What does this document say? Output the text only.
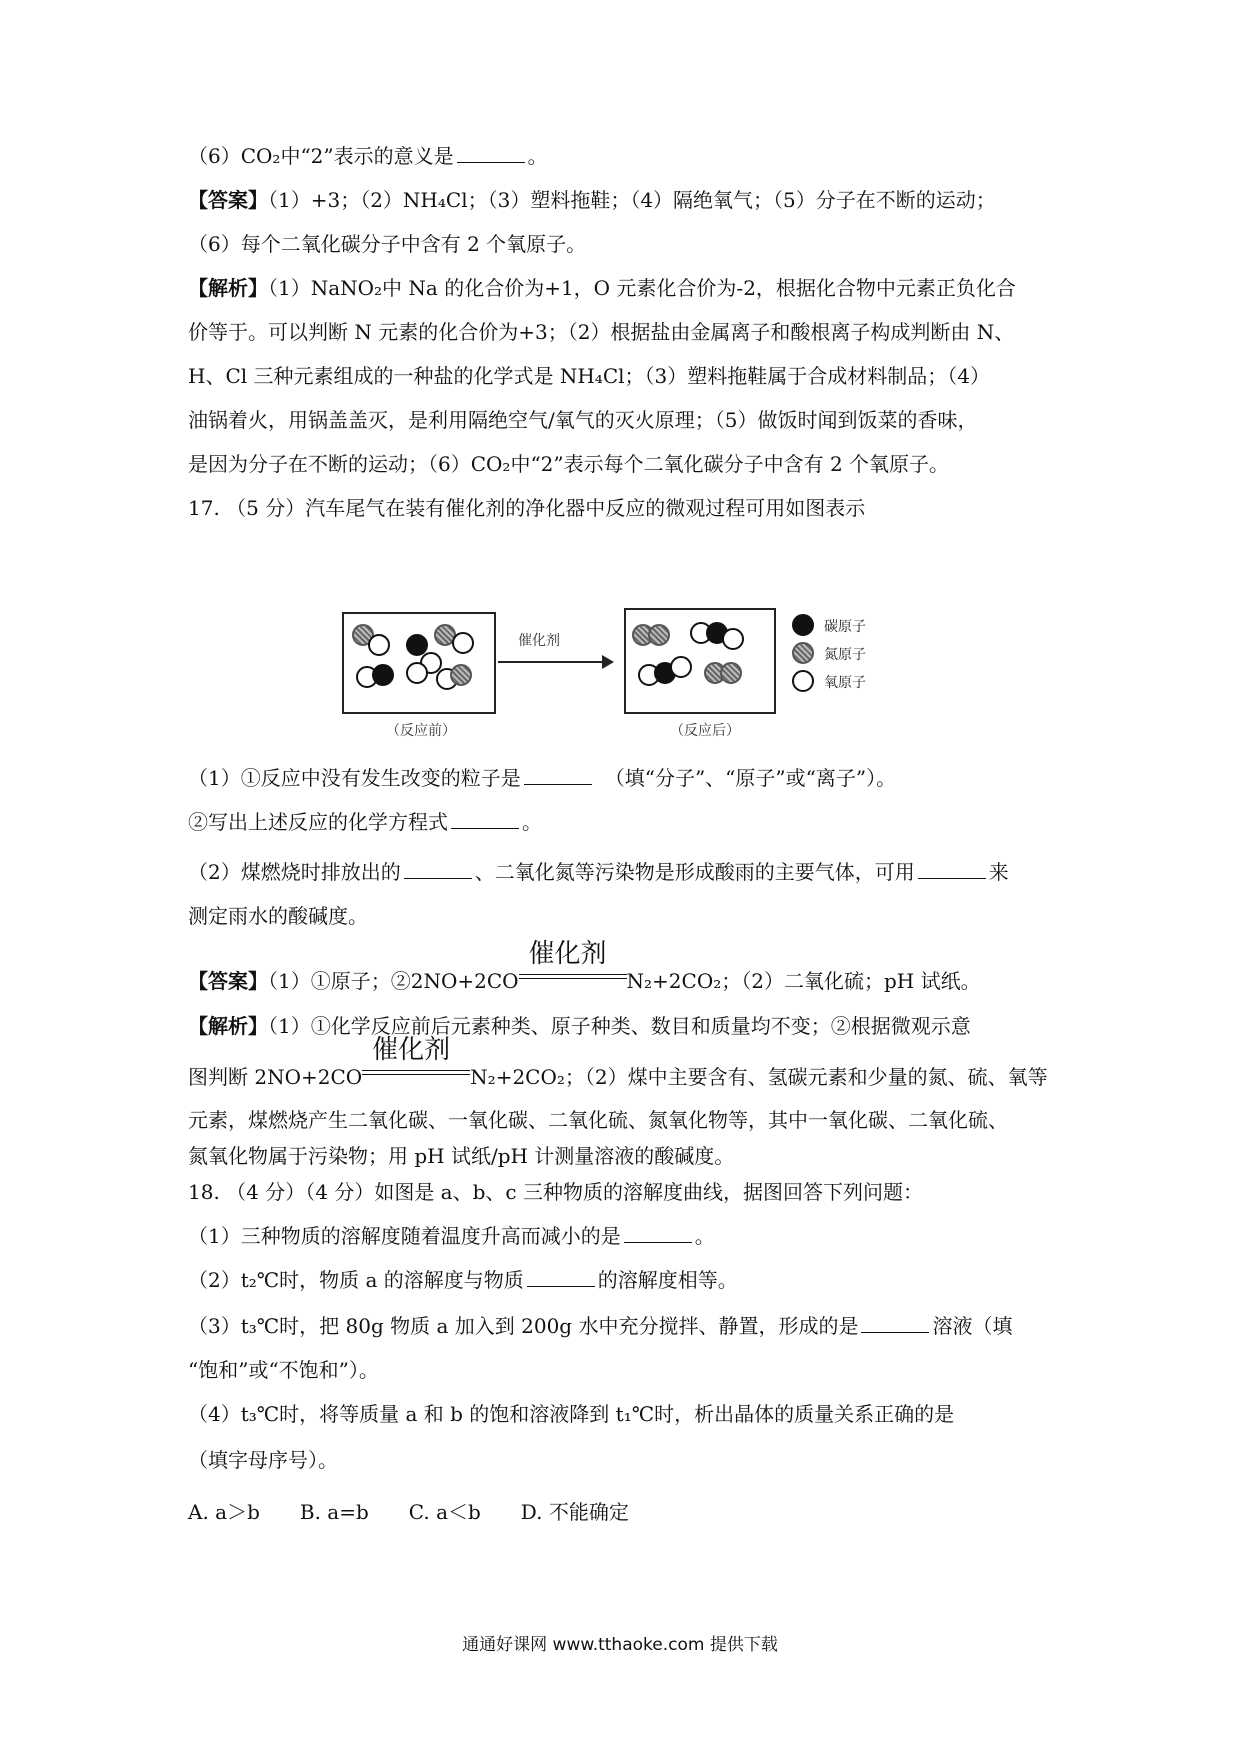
（6）CO₂中“2”表示的意义是	。
【答案】（1）+3；（2）NH₄Cl；（3）塑料拖鞋；（4）隔绝氧气；（5）分子在不断的运动；
（6）每个二氧化碳分子中含有 2 个氧原子。
【解析】（1）NaNO₂中 Na 的化合价为+1，O 元素化合价为-2，根据化合物中元素正负化合
价等于。可以判断 N 元素的化合价为+3；（2）根据盐由金属离子和酸根离子构成判断由 N、
H、Cl 三种元素组成的一种盐的化学式是 NH₄Cl；（3）塑料拖鞋属于合成材料制品；（4）
油锅着火，用锅盖盖灭，是利用隔绝空气/氧气的灭火原理；（5）做饭时闻到饭菜的香味，
是因为分子在不断的运动；（6）CO₂中“2”表示每个二氧化碳分子中含有 2 个氧原子。
17. （5 分）汽车尾气在装有催化剂的净化器中反应的微观过程可用如图表示
（反应前）
催化剂
（反应后）
碳原子
氮原子
氧原子
（1）①反应中没有发生改变的粒子是　	（填“分子”、“原子”或“离子”）。
②写出上述反应的化学方程式	。
（2）煤燃烧时排放出的	、二氧化氮等污染物是形成酸雨的主要气体，可用	来
测定雨水的酸碱度。
【答案】（1）①原子；②2NO+2CO
催化剂
N₂+2CO₂；（2）二氧化硫；pH 试纸。
【解析】（1）①化学反应前后元素种类、原子种类、数目和质量均不变；②根据微观示意
图判断 2NO+2CO
催化剂
N₂+2CO₂；（2）煤中主要含有、氢碳元素和少量的氮、硫、氧等
元素，煤燃烧产生二氧化碳、一氧化碳、二氧化硫、氮氧化物等，其中一氧化碳、二氧化硫、
氮氧化物属于污染物；用 pH 试纸/pH 计测量溶液的酸碱度。
18. （4 分）（4 分）如图是 a、b、c 三种物质的溶解度曲线，据图回答下列问题：
（1）三种物质的溶解度随着温度升高而减小的是	。
（2）t₂℃时，物质 a 的溶解度与物质	的溶解度相等。
（3）t₃℃时，把 80g 物质 a 加入到 200g 水中充分搅拌、静置，形成的是	溶液（填
“饱和”或“不饱和”）。
（4）t₃℃时，将等质量 a 和 b 的饱和溶液降到 t₁℃时，析出晶体的质量关系正确的是
（填字母序号）。
A. a＞b　　B. a=b　　C. a＜b　　D. 不能确定
通通好课网 www.tthaoke.com 提供下载
